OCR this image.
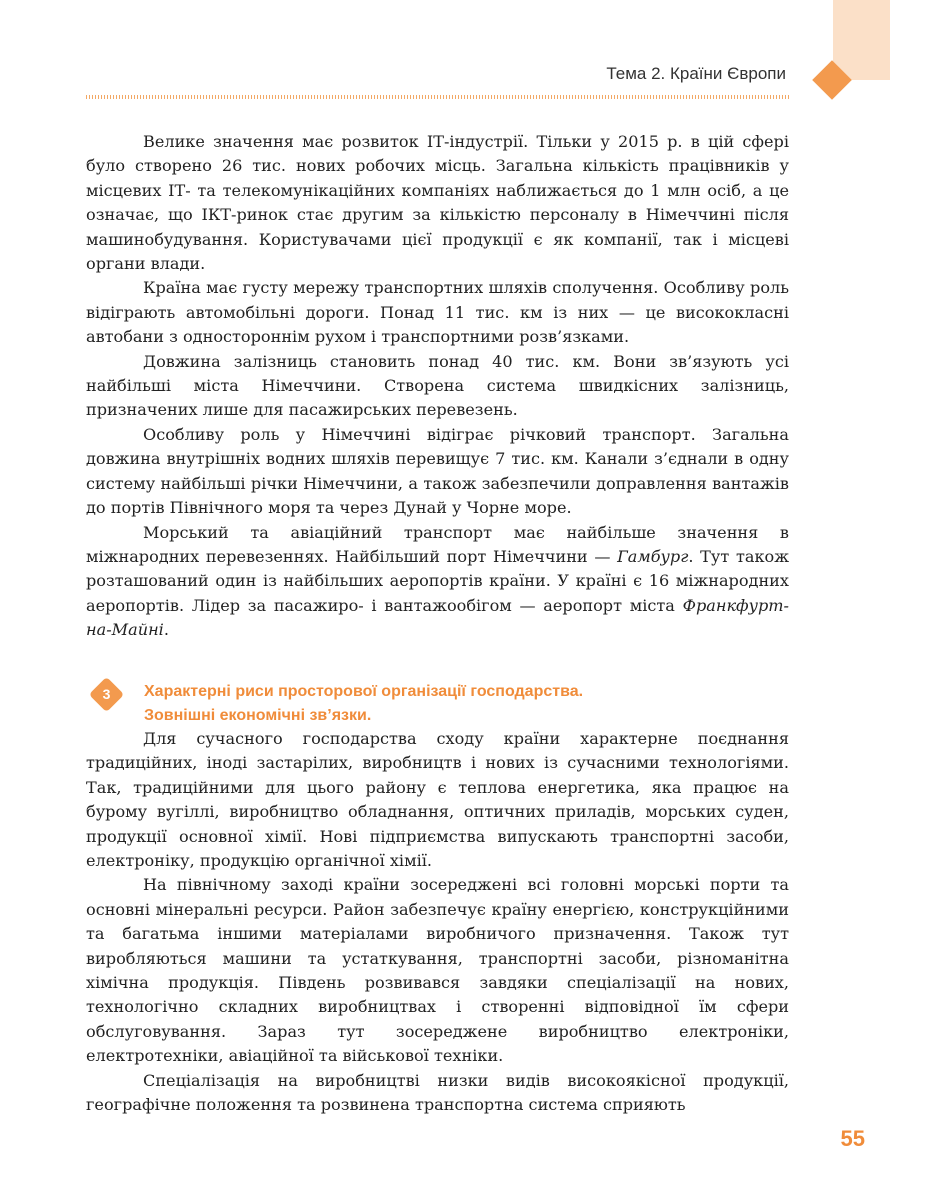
Тема 2. Країни Європи

Велике значення має розвиток ІТ-індустрії. Тільки у 2015 р. в цій сфері було створено 26 тис. нових робочих місць. Загальна кількість працівників у місцевих ІТ- та телекомунікаційних компаніях наближається до 1 млн осіб, а це означає, що ІКТ-ринок стає другим за кількістю персоналу в Німеччині після машинобудування. Користувачами цієї продукції є як компанії, так і місцеві органи влади.

Країна має густу мережу транспортних шляхів сполучення. Особливу роль відіграють автомобільні дороги. Понад 11 тис. км із них — це висококласні автобани з одностороннім рухом і транспортними розв’язками.

Довжина залізниць становить понад 40 тис. км. Вони зв’язують усі найбільші міста Німеччини. Створена система швидкісних залізниць, призначених лише для пасажирських перевезень.

Особливу роль у Німеччині відіграє річковий транспорт. Загальна довжина внутрішніх водних шляхів перевищує 7 тис. км. Канали з’єднали в одну систему найбільші річки Німеччини, а також забезпечили доправлення вантажів до портів Північного моря та через Дунай у Чорне море.

Морський та авіаційний транспорт має найбільше значення в міжнародних перевезеннях. Найбільший порт Німеччини — Гамбург. Тут також розташований один із найбільших аеропортів країни. У країні є 16 міжнародних аеропортів. Лідер за пасажиро- і вантажообігом — аеропорт міста Франкфурт-на-Майні.

3	Характерні риси просторової організації господарства.
Зовнішні економічні зв’язки.

Для сучасного господарства сходу країни характерне поєднання традиційних, іноді застарілих, виробництв і нових із сучасними технологіями. Так, традиційними для цього району є теплова енергетика, яка працює на бурому вугіллі, виробництво обладнання, оптичних приладів, морських суден, продукції основної хімії. Нові підприємства випускають транспортні засоби, електроніку, продукцію органічної хімії.

На північному заході країни зосереджені всі головні морські порти та основні мінеральні ресурси. Район забезпечує країну енергією, конструкційними та багатьма іншими матеріалами виробничого призначення. Також тут виробляються машини та устаткування, транспортні засоби, різноманітна хімічна продукція. Південь розвивався завдяки спеціалізації на нових, технологічно складних виробництвах і створенні відповідної їм сфери обслуговування. Зараз тут зосереджене виробництво електроніки, електротехніки, авіаційної та військової техніки.

Спеціалізація на виробництві низки видів високоякісної продукції, географічне положення та розвинена транспортна система сприяють

55
